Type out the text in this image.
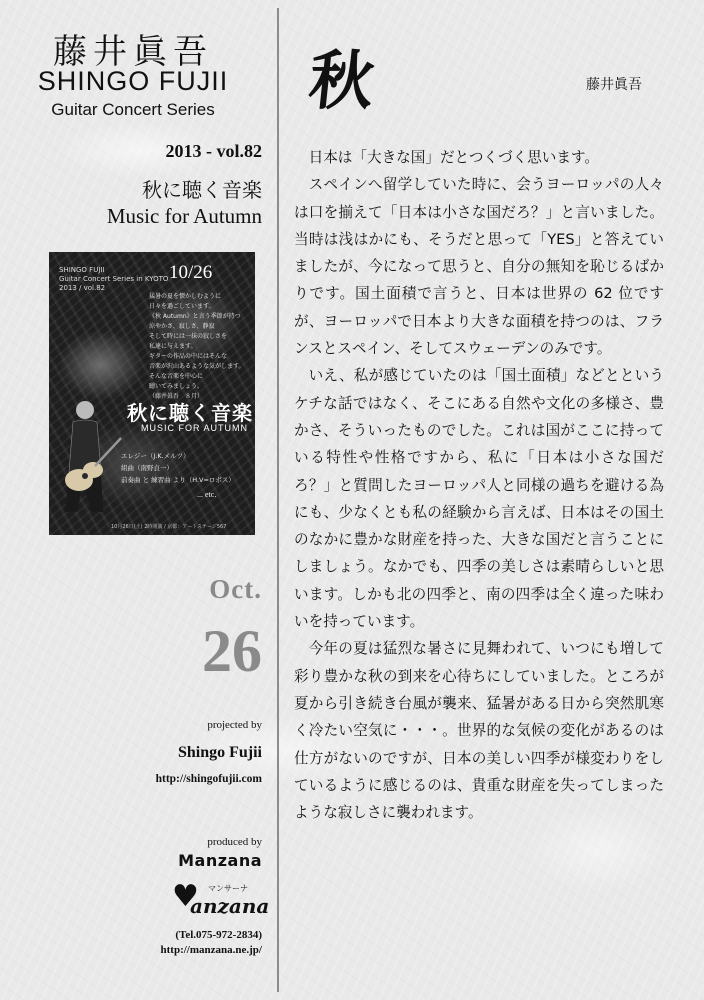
藤井眞吾
SHINGO FUJII
Guitar Concert Series
2013 - vol.82
秋に聴く音楽
Music for Autumn
SHINGO FUJII
Guitar Concert Series in KYOTO
2013 / vol.82
10/26
猛暑の夏を懐かしむように
日々を過ごしています。
《秋 Autumn》と言う季節が持つ
涼やかさ、寂しさ、静寂
そして時には一抹の寂しさを
私達に与えます。
ギターの作品の中にはそんな
音楽が沢山あるような気がします。
そんな音楽を中心に
聴いてみましょう。
（藤井眞吾　８月）
秋に聴く音楽
MUSIC FOR AUTUMN
エレジー（J.K.メルツ）
組曲（南野貞一）
前奏曲 と 練習曲 より（H.V=ロボス）
... etc.
10月26日(土) 2時開演 / 京都：アートステージ567
Oct.
26
projected by
Shingo Fujii
http://shingofujii.com
produced by
Manzana
♥ マンサーナ
anzana
(Tel.075-972-2834)
http://manzana.ne.jp/
秋	藤井眞吾

日本は「大きな国」だとつくづく思います。

スペインへ留学していた時に、会うヨーロッパの人々は口を揃えて「日本は小さな国だろ？」と言いました。当時は浅はかにも、そうだと思って「YES」と答えていましたが、今になって思うと、自分の無知を恥じるばかりです。国土面積で言うと、日本は世界の 62 位ですが、ヨーロッパで日本より大きな面積を持つのは、フランスとスペイン、そしてスウェーデンのみです。

いえ、私が感じていたのは「国土面積」などとというケチな話ではなく、そこにある自然や文化の多様さ、豊かさ、そういったものでした。これは国がここに持っている特性や性格ですから、私に「日本は小さな国だろ？」と質問したヨーロッパ人と同様の過ちを避ける為にも、少なくとも私の経験から言えば、日本はその国土のなかに豊かな財産を持った、大きな国だと言うことにしましょう。なかでも、四季の美しさは素晴らしいと思います。しかも北の四季と、南の四季は全く違った味わいを持っています。

今年の夏は猛烈な暑さに見舞われて、いつにも増して彩り豊かな秋の到来を心待ちにしていました。ところが夏から引き続き台風が襲来、猛暑がある日から突然肌寒く冷たい空気に・・・。世界的な気候の変化があるのは仕方がないのですが、日本の美しい四季が様変わりをしているように感じるのは、貴重な財産を失ってしまったような寂しさに襲われます。
